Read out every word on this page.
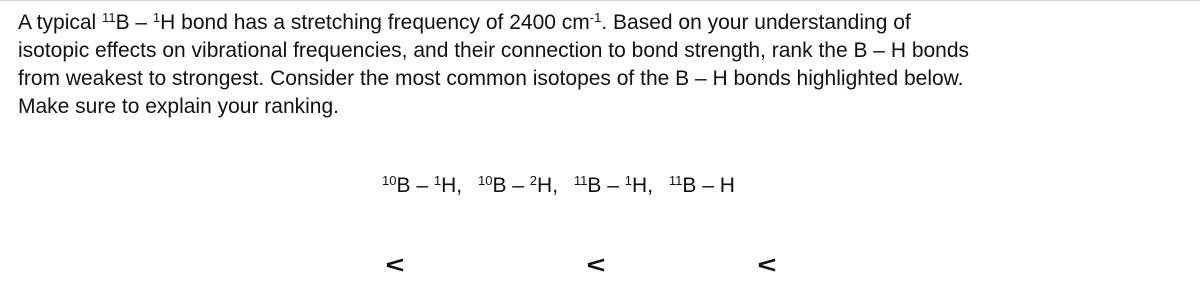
A typical $^{11}$B – $^1$H bond has a stretching frequency of 2400 $cm^{-1}$. Based on your understanding of
isotopic effects on vibrational frequencies, and their connection to bond strength, rank the B – H bonds
from weakest to strongest. Consider the most common isotopes of the B – H bonds highlighted below.
Make sure to explain your ranking.
$^{10}$B – $^1$H, $^{10}$B – $^2$H, $^{11}$B – $^1$H, $^{11}$B – H
<	<	<
